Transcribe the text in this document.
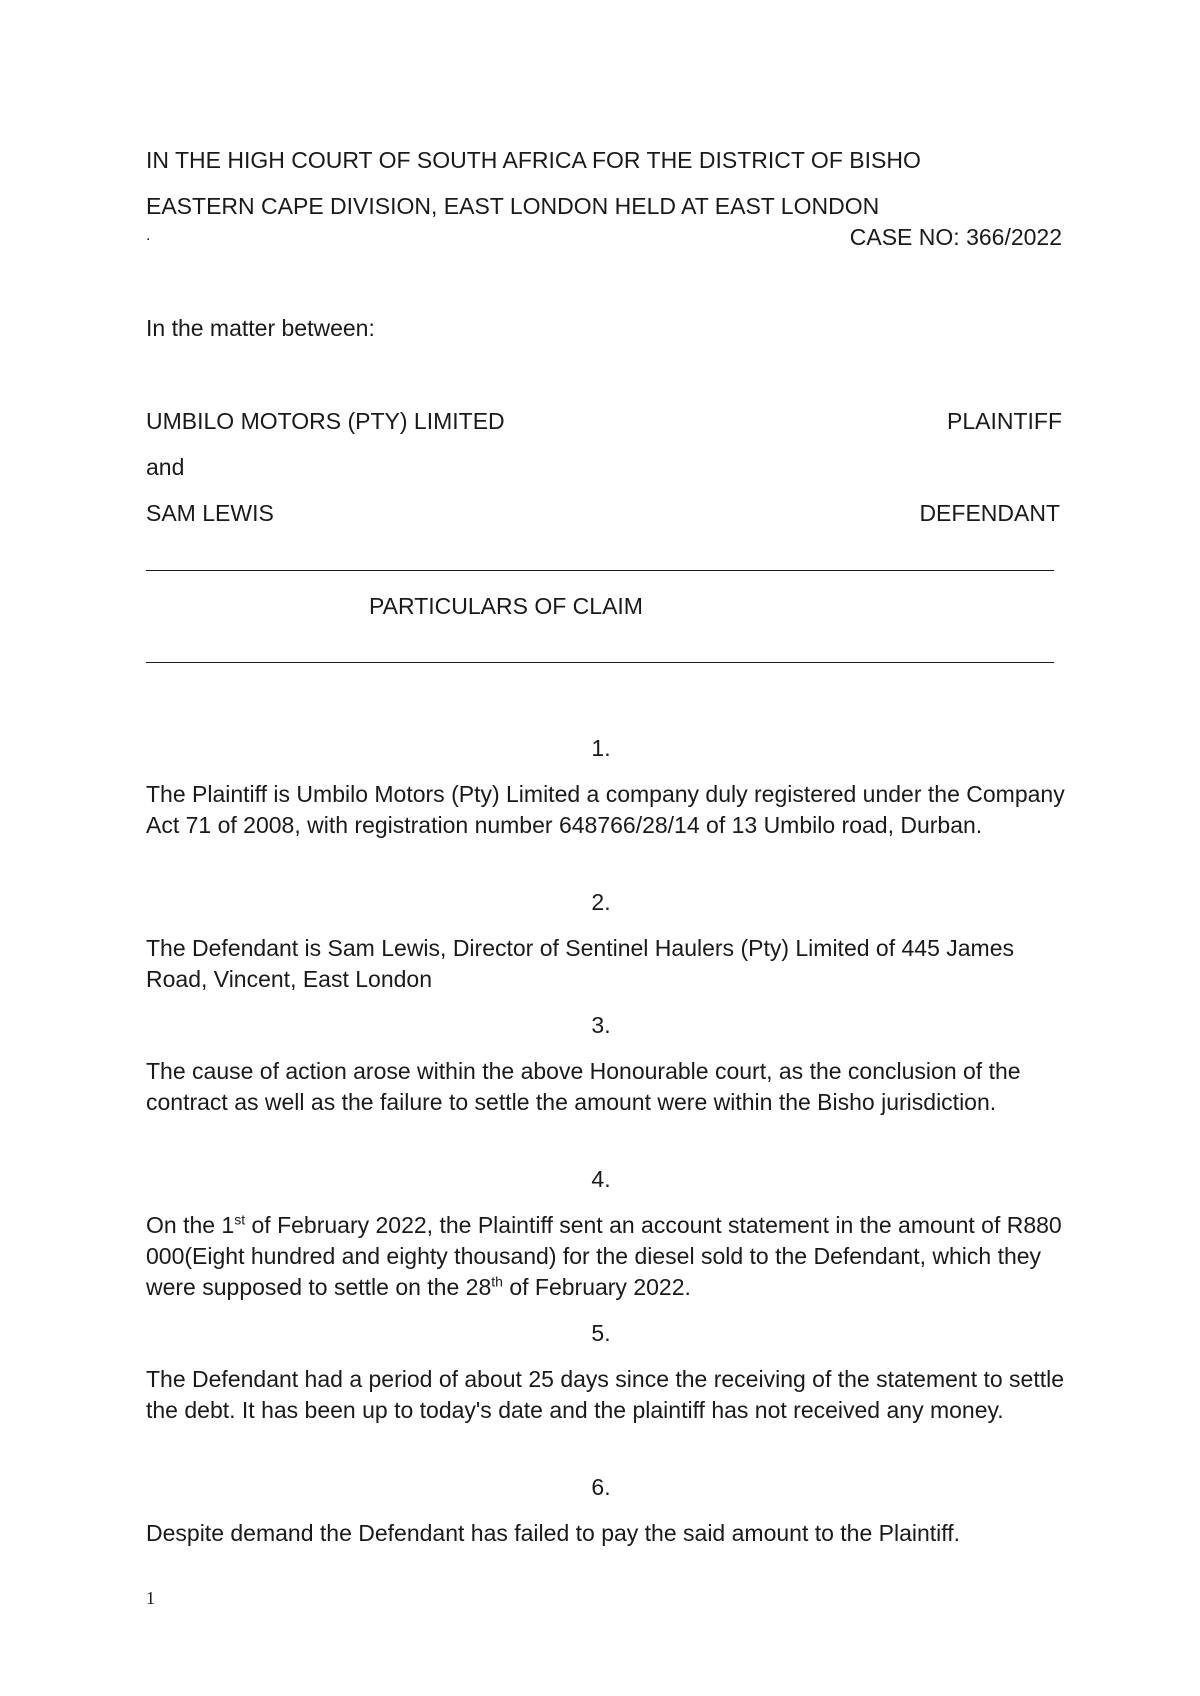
IN THE HIGH COURT OF SOUTH AFRICA FOR THE DISTRICT OF BISHO
EASTERN CAPE DIVISION, EAST LONDON HELD AT EAST LONDON
.	CASE NO: 366/2022
In the matter between:
UMBILO MOTORS (PTY) LIMITED	PLAINTIFF
and
SAM LEWIS	DEFENDANT
PARTICULARS OF CLAIM
1.
The Plaintiff is Umbilo Motors (Pty) Limited a company duly registered under the Company Act 71 of 2008, with registration number 648766/28/14 of 13 Umbilo road, Durban.
2.
The Defendant is Sam Lewis, Director of Sentinel Haulers (Pty) Limited of 445 James Road, Vincent, East London
3.
The cause of action arose within the above Honourable court, as the conclusion of the contract as well as the failure to settle the amount were within the Bisho jurisdiction.
4.
On the 1st of February 2022, the Plaintiff sent an account statement in the amount of R880 000(Eight hundred and eighty thousand) for the diesel sold to the Defendant, which they were supposed to settle on the 28th of February 2022.
5.
The Defendant had a period of about 25 days since the receiving of the statement to settle the debt. It has been up to today's date and the plaintiff has not received any money.
6.
Despite demand the Defendant has failed to pay the said amount to the Plaintiff.
1
